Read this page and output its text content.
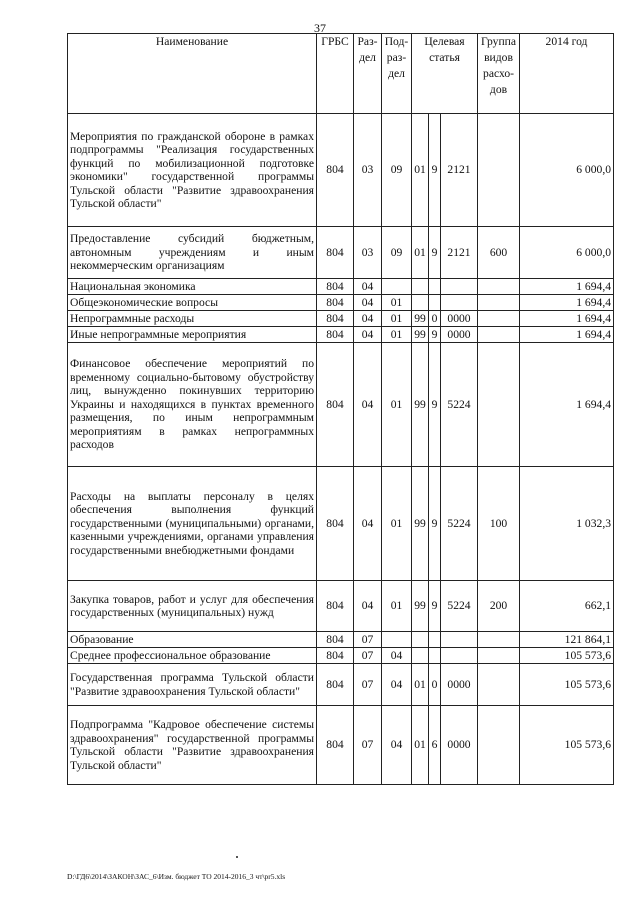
37
Наименование	ГРБС	Раз- дел	Под- раз- дел	Целевая статья			Группа видов расхо- дов	2014 год
Мероприятия по гражданской обороне в рамках подпрограммы "Реализация государственных функций по мобилизационной подготовке экономики" государственной программы Тульской области "Развитие здравоохранения Тульской области"	804	03	09	01	9	2121		6 000,0
Предоставление субсидий бюджетным, автономным учреждениям и иным некоммерческим организациям	804	03	09	01	9	2121	600	6 000,0
Национальная экономика	804	04						1 694,4
Общеэкономические вопросы	804	04	01					1 694,4
Непрограммные расходы	804	04	01	99	0	0000		1 694,4
Иные непрограммные мероприятия	804	04	01	99	9	0000		1 694,4
Финансовое обеспечение мероприятий по временному социально-бытовому обустройству лиц, вынужденно покинувших территорию Украины и находящихся в пунктах временного размещения, по иным непрограммным мероприятиям в рамках непрограммных расходов	804	04	01	99	9	5224		1 694,4
Расходы на выплаты персоналу в целях обеспечения выполнения функций государственными (муниципальными) органами, казенными учреждениями, органами управления государственными внебюджетными фондами	804	04	01	99	9	5224	100	1 032,3
Закупка товаров, работ и услуг для обеспечения государственных (муниципальных) нужд	804	04	01	99	9	5224	200	662,1
Образование	804	07						121 864,1
Среднее профессиональное образование	804	07	04					105 573,6
Государственная программа Тульской области "Развитие здравоохранения Тульской области"	804	07	04	01	0	0000		105 573,6
Подпрограмма "Кадровое обеспечение системы здравоохранения" государственной программы Тульской области "Развитие здравоохранения Тульской области"	804	07	04	01	6	0000		105 573,6
D:\ГД6\2014\ЗАКОН\ЗАС_6\Изм. бюджет ТО 2014-2016_3 чт\pr5.xls
